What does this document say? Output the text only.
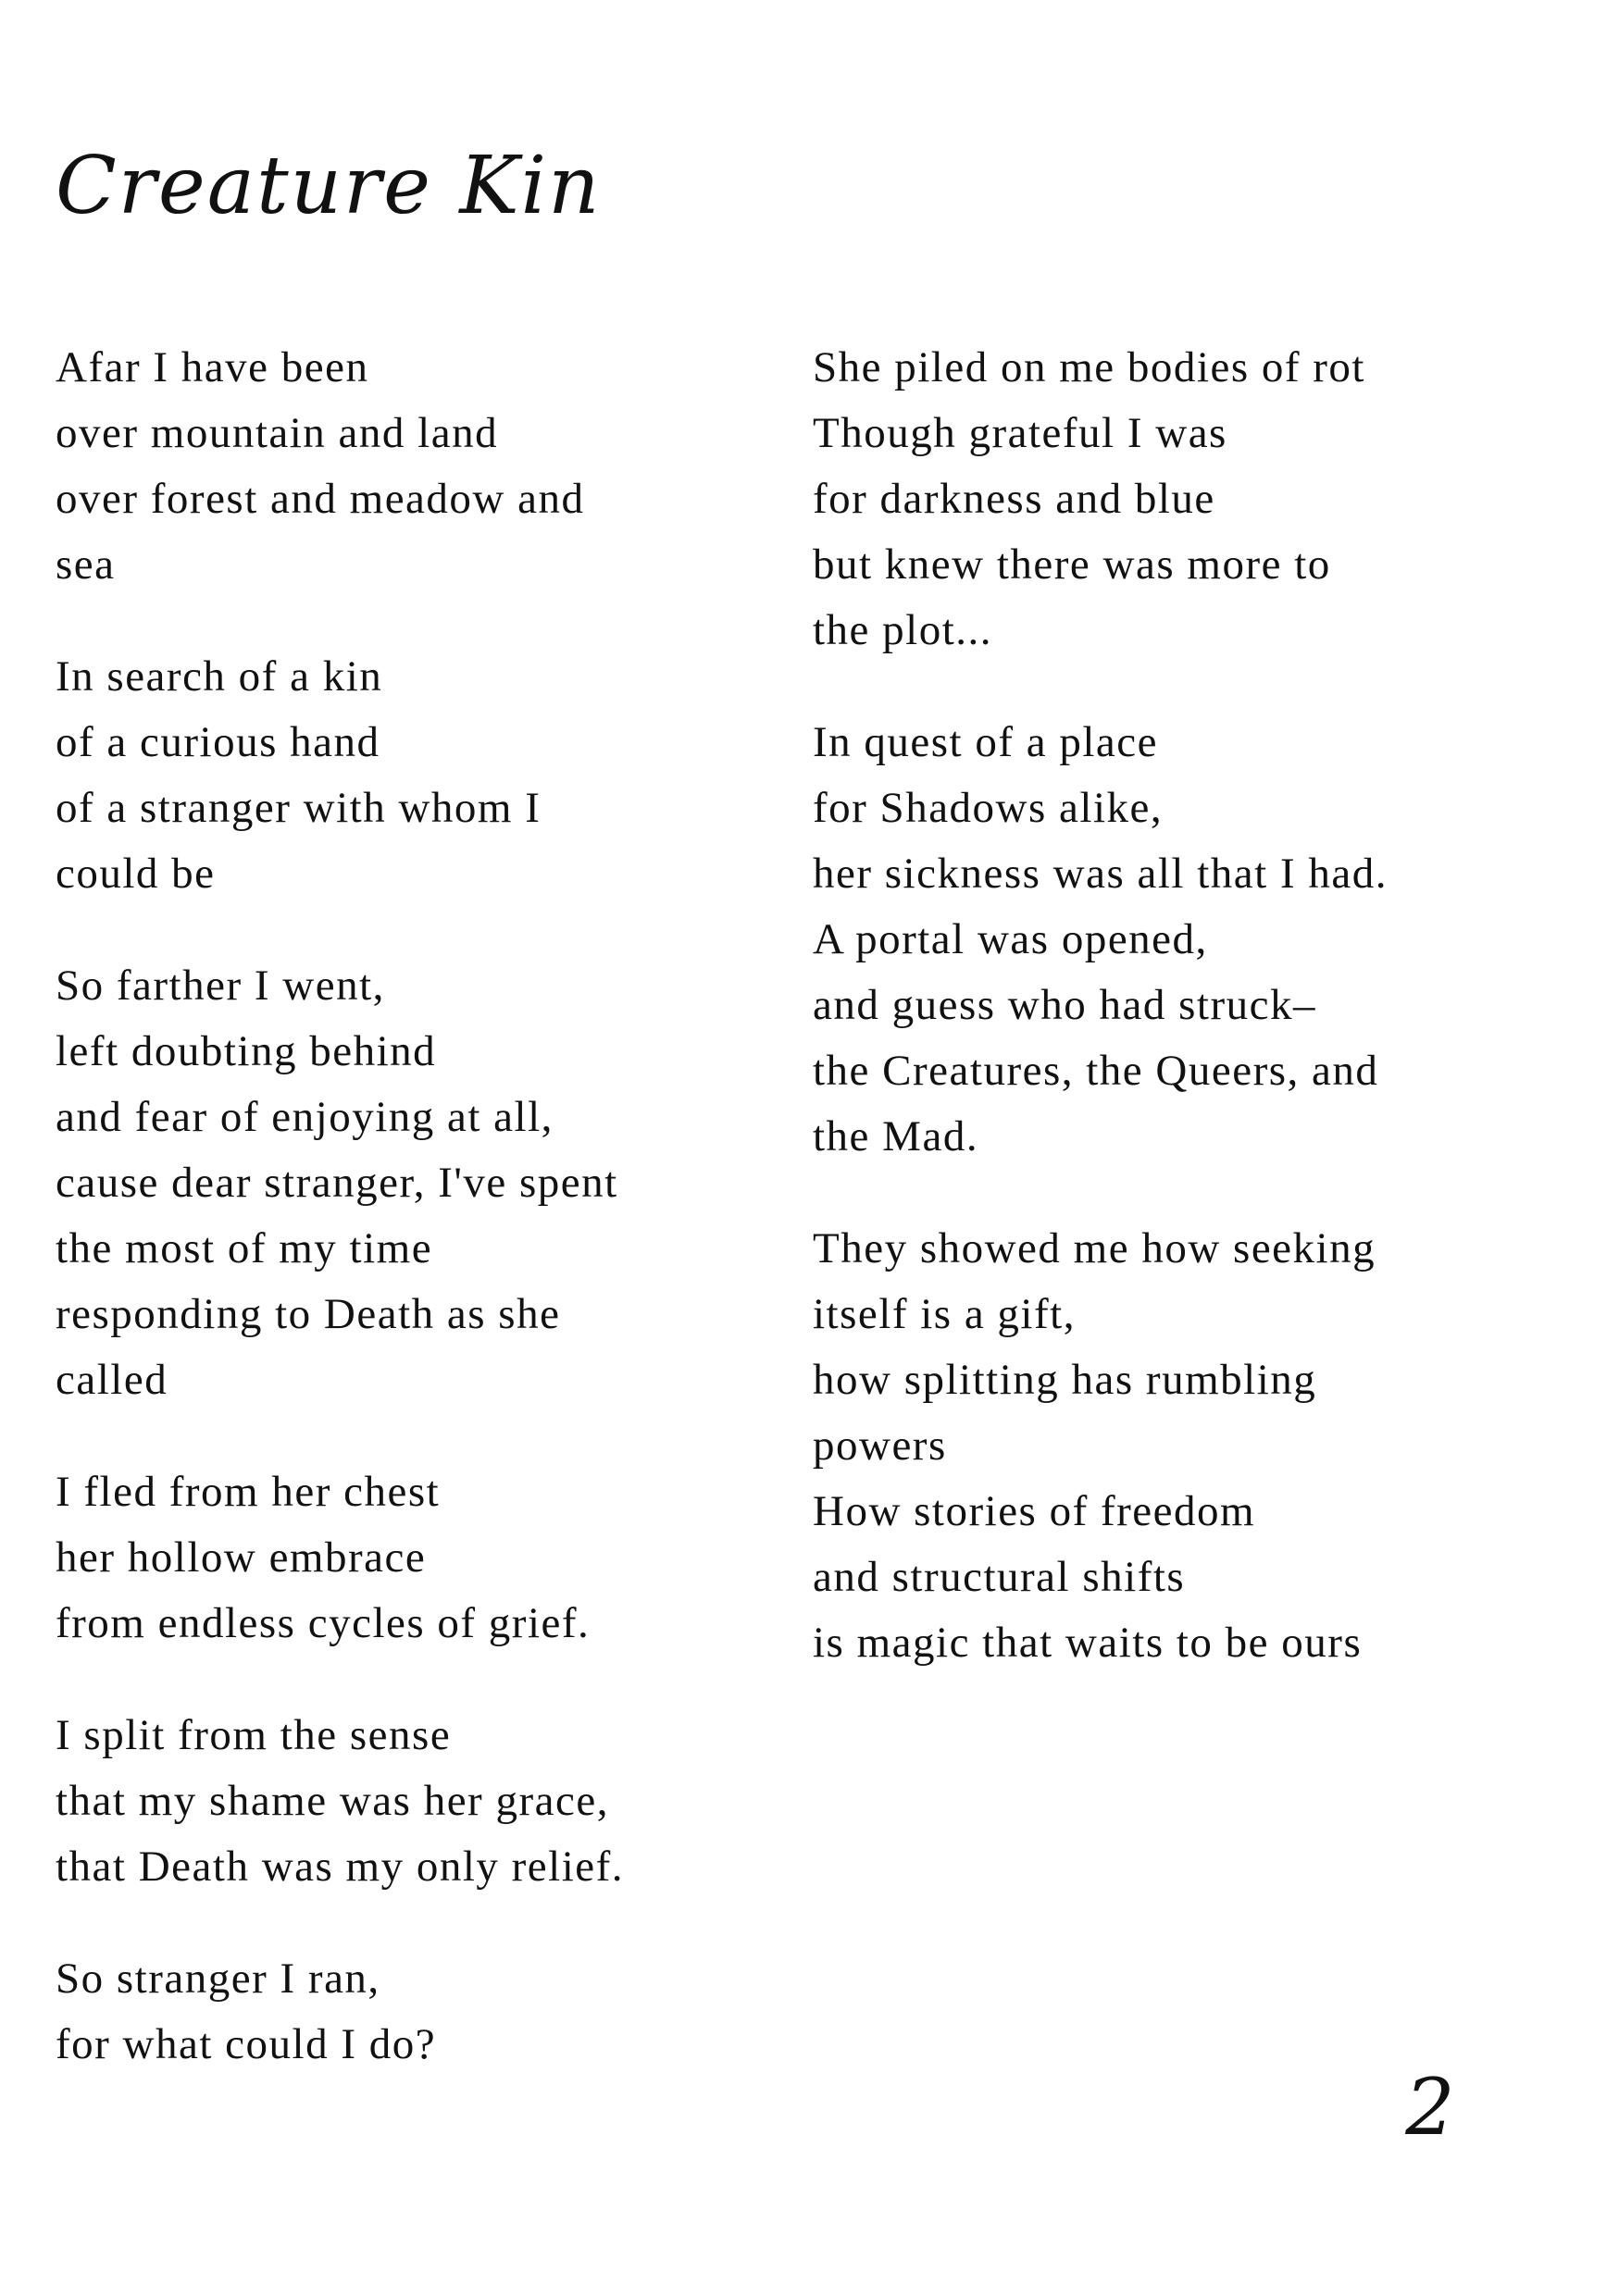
Creature Kin
Afar I have been
over mountain and land
over forest and meadow and
sea
In search of a kin
of a curious hand
of a stranger with whom I
could be
So farther I went,
left doubting behind
and fear of enjoying at all,
cause dear stranger, I've spent
the most of my time
responding to Death as she
called
I fled from her chest
her hollow embrace
from endless cycles of grief.
I split from the sense
that my shame was her grace,
that Death was my only relief.
So stranger I ran,
for what could I do?
She piled on me bodies of rot
Though grateful I was
for darkness and blue
but knew there was more to
the plot...
In quest of a place
for Shadows alike,
her sickness was all that I had.
A portal was opened,
and guess who had struck–
the Creatures, the Queers, and
the Mad.
They showed me how seeking
itself is a gift,
how splitting has rumbling
powers
How stories of freedom
and structural shifts
is magic that waits to be ours
2
